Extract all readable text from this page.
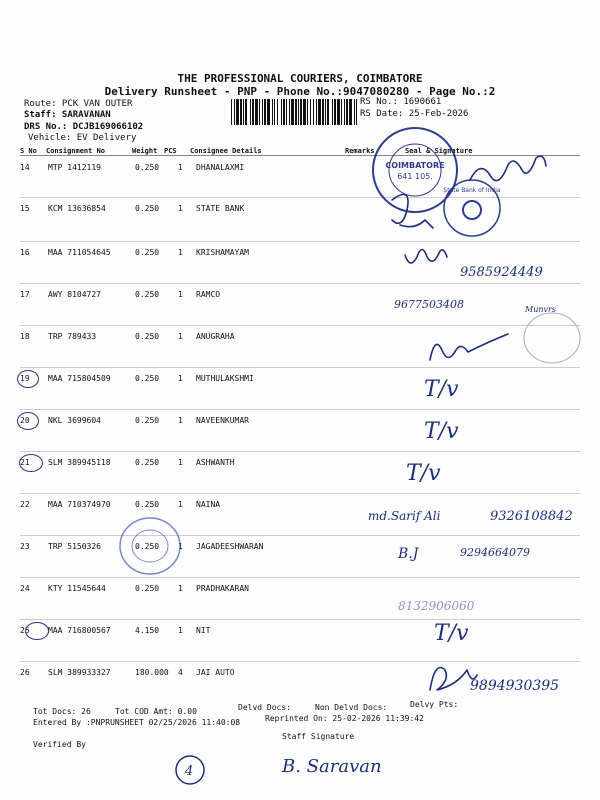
THE PROFESSIONAL COURIERS, COIMBATORE
Delivery Runsheet - PNP - Phone No.:9047080280 - Page No.:2
Route: PCK VAN OUTER
Staff: SARAVANAN
DRS No.: DCJB169066102
Vehicle: EV Delivery
RS No.: 1690661
RS Date: 25-Feb-2026
S No Consignment No	Weight PCS Consignee Details	Remarks	Seal & Signature
14 MTP 1412119	0.250 1 DHANALAXMI
15 KCM 13636854	0.250 1 STATE BANK
16 MAA 711054645	0.250 1 KRISHAMAYAM
17 AWY 8104727	0.250 1 RAMCO
18 TRP 789433	0.250 1 ANUGRAHA
19 MAA 715804509	0.250 1 MUTHULAKSHMI
20 NKL 3699604	0.250 1 NAVEENKUMAR
21 SLM 389945118	0.250 1 ASHWANTH
22 MAA 710374970	0.250 1 NAINA
23 TRP 5150326	0.250 1 JAGADEESHWARAN
24 KTY 11545644	0.250 1 PRADHAKARAN
25 MAA 716800567	4.150 1 NIT
26 SLM 389933327	180.000 4 JAI AUTO
COIMBATORE
641 105.
State Bank of India
9585924449
9677503408	Munvrs
T/v
T/v
T/v
md.Sarif Ali	9326108842
B.J	9294664079
8132906060
T/v
9894930395
B. Saravan
4
Tot Docs: 26	Tot COD Amt: 0.00	Delvd Docs:	Non Delvd Docs:	Delvy Pts:
Entered By :PNPRUNSHEET 02/25/2026 11:40:08	Reprinted On: 25-02-2026 11:39:42
Staff Signature
Verified By
